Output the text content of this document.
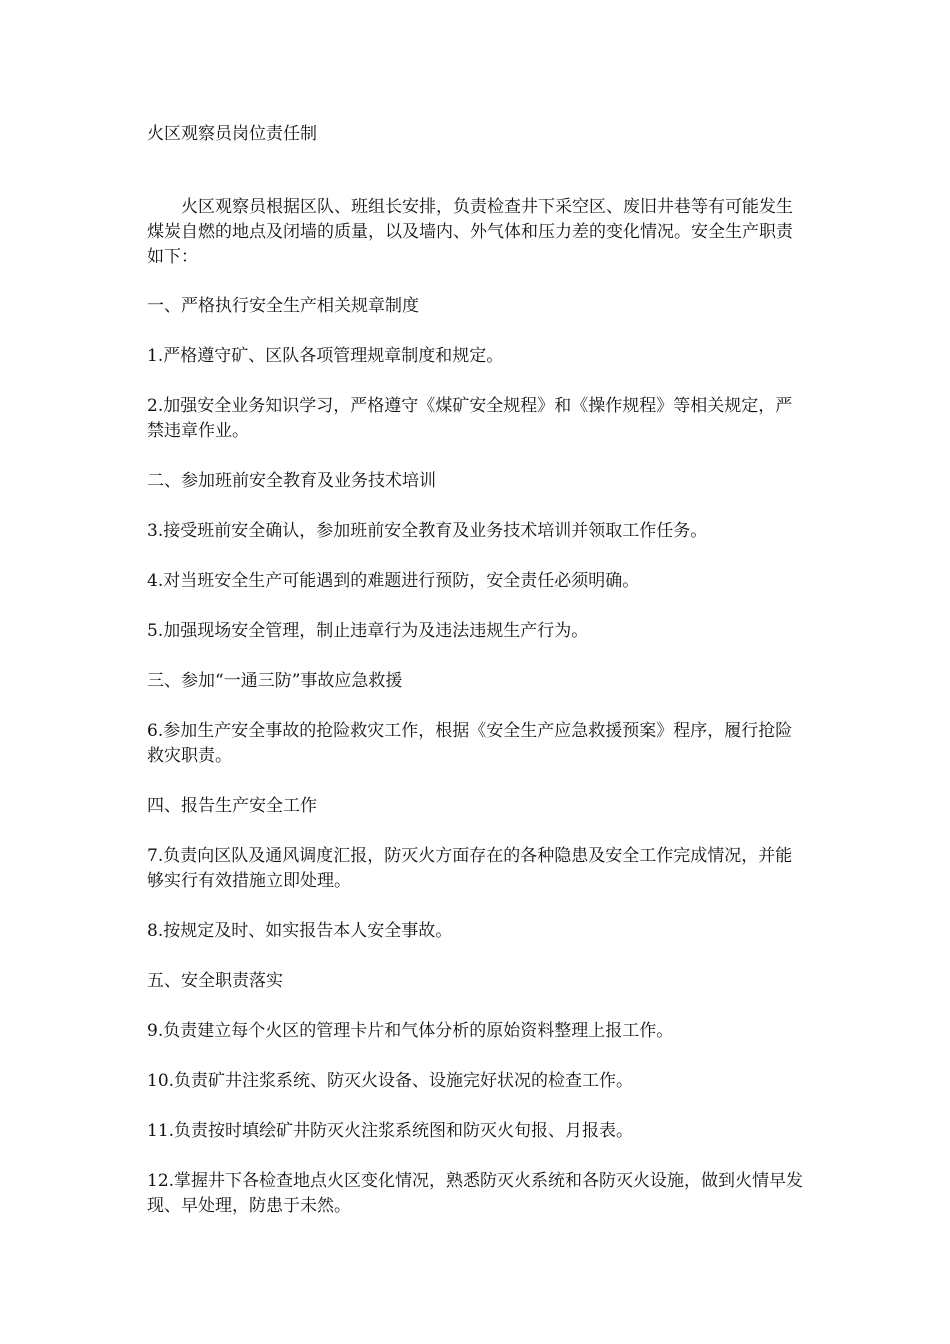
火区观察员岗位责任制
火区观察员根据区队、班组长安排，负责检查井下采空区、废旧井巷等有可能发生煤炭自燃的地点及闭墙的质量，以及墙内、外气体和压力差的变化情况。安全生产职责如下：
一、严格执行安全生产相关规章制度
1.严格遵守矿、区队各项管理规章制度和规定。
2.加强安全业务知识学习，严格遵守《煤矿安全规程》和《操作规程》等相关规定，严禁违章作业。
二、参加班前安全教育及业务技术培训
3.接受班前安全确认，参加班前安全教育及业务技术培训并领取工作任务。
4.对当班安全生产可能遇到的难题进行预防，安全责任必须明确。
5.加强现场安全管理，制止违章行为及违法违规生产行为。
三、参加“一通三防”事故应急救援
6.参加生产安全事故的抢险救灾工作，根据《安全生产应急救援预案》程序，履行抢险救灾职责。
四、报告生产安全工作
7.负责向区队及通风调度汇报，防灭火方面存在的各种隐患及安全工作完成情况，并能够实行有效措施立即处理。
8.按规定及时、如实报告本人安全事故。
五、安全职责落实
9.负责建立每个火区的管理卡片和气体分析的原始资料整理上报工作。
10.负责矿井注浆系统、防灭火设备、设施完好状况的检查工作。
11.负责按时填绘矿井防灭火注浆系统图和防灭火旬报、月报表。
12.掌握井下各检查地点火区变化情况，熟悉防灭火系统和各防灭火设施，做到火情早发现、早处理，防患于未然。
